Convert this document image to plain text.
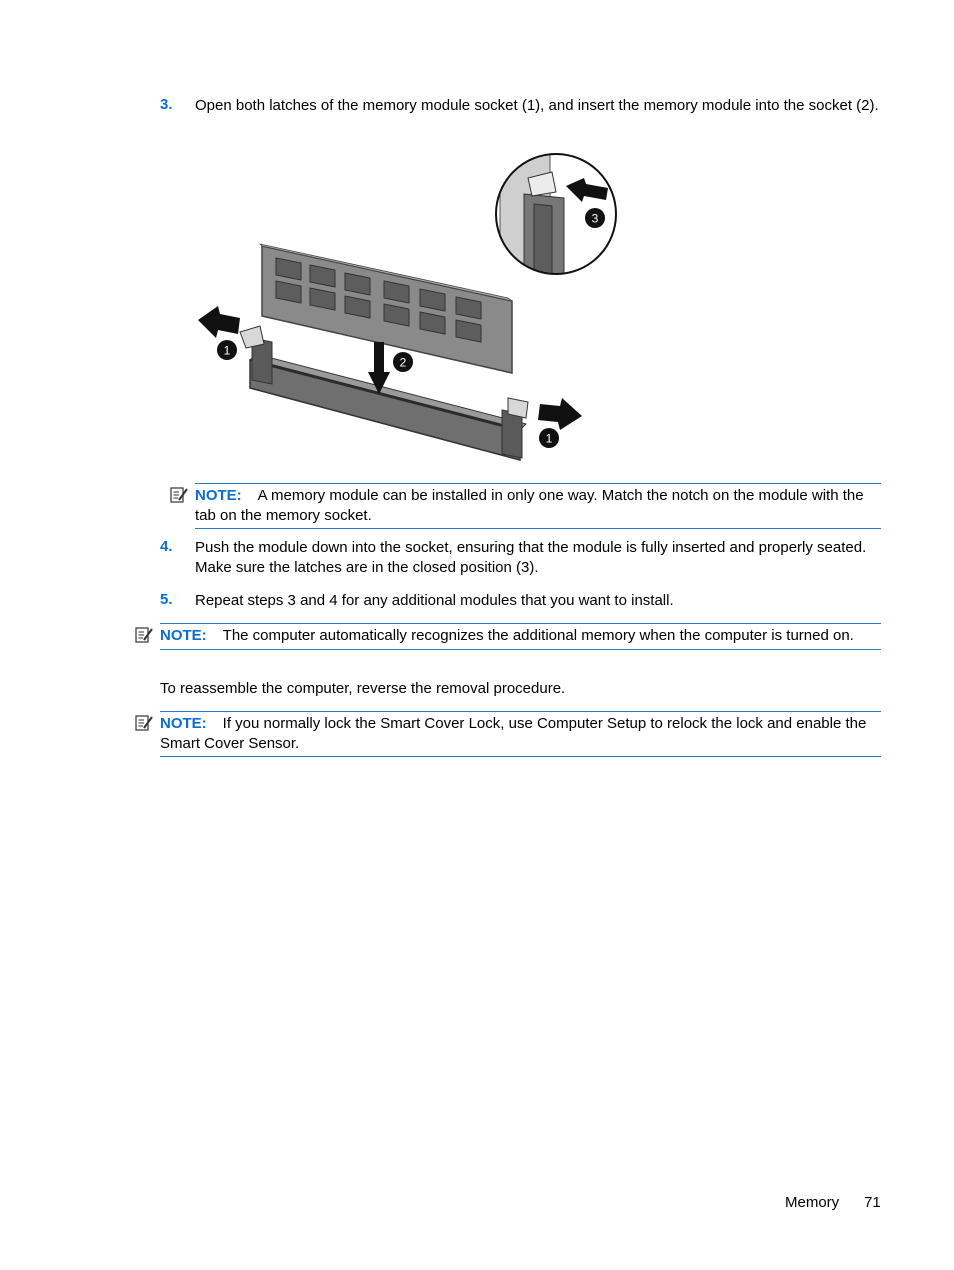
3. Open both latches of the memory module socket (1), and insert the memory module into the socket (2).
1
2
1
3
NOTE: A memory module can be installed in only one way. Match the notch on the module with the tab on the memory socket.
4. Push the module down into the socket, ensuring that the module is fully inserted and properly seated. Make sure the latches are in the closed position (3).
5. Repeat steps 3 and 4 for any additional modules that you want to install.
NOTE: The computer automatically recognizes the additional memory when the computer is turned on.
To reassemble the computer, reverse the removal procedure.
NOTE: If you normally lock the Smart Cover Lock, use Computer Setup to relock the lock and enable the Smart Cover Sensor.
Memory 71
